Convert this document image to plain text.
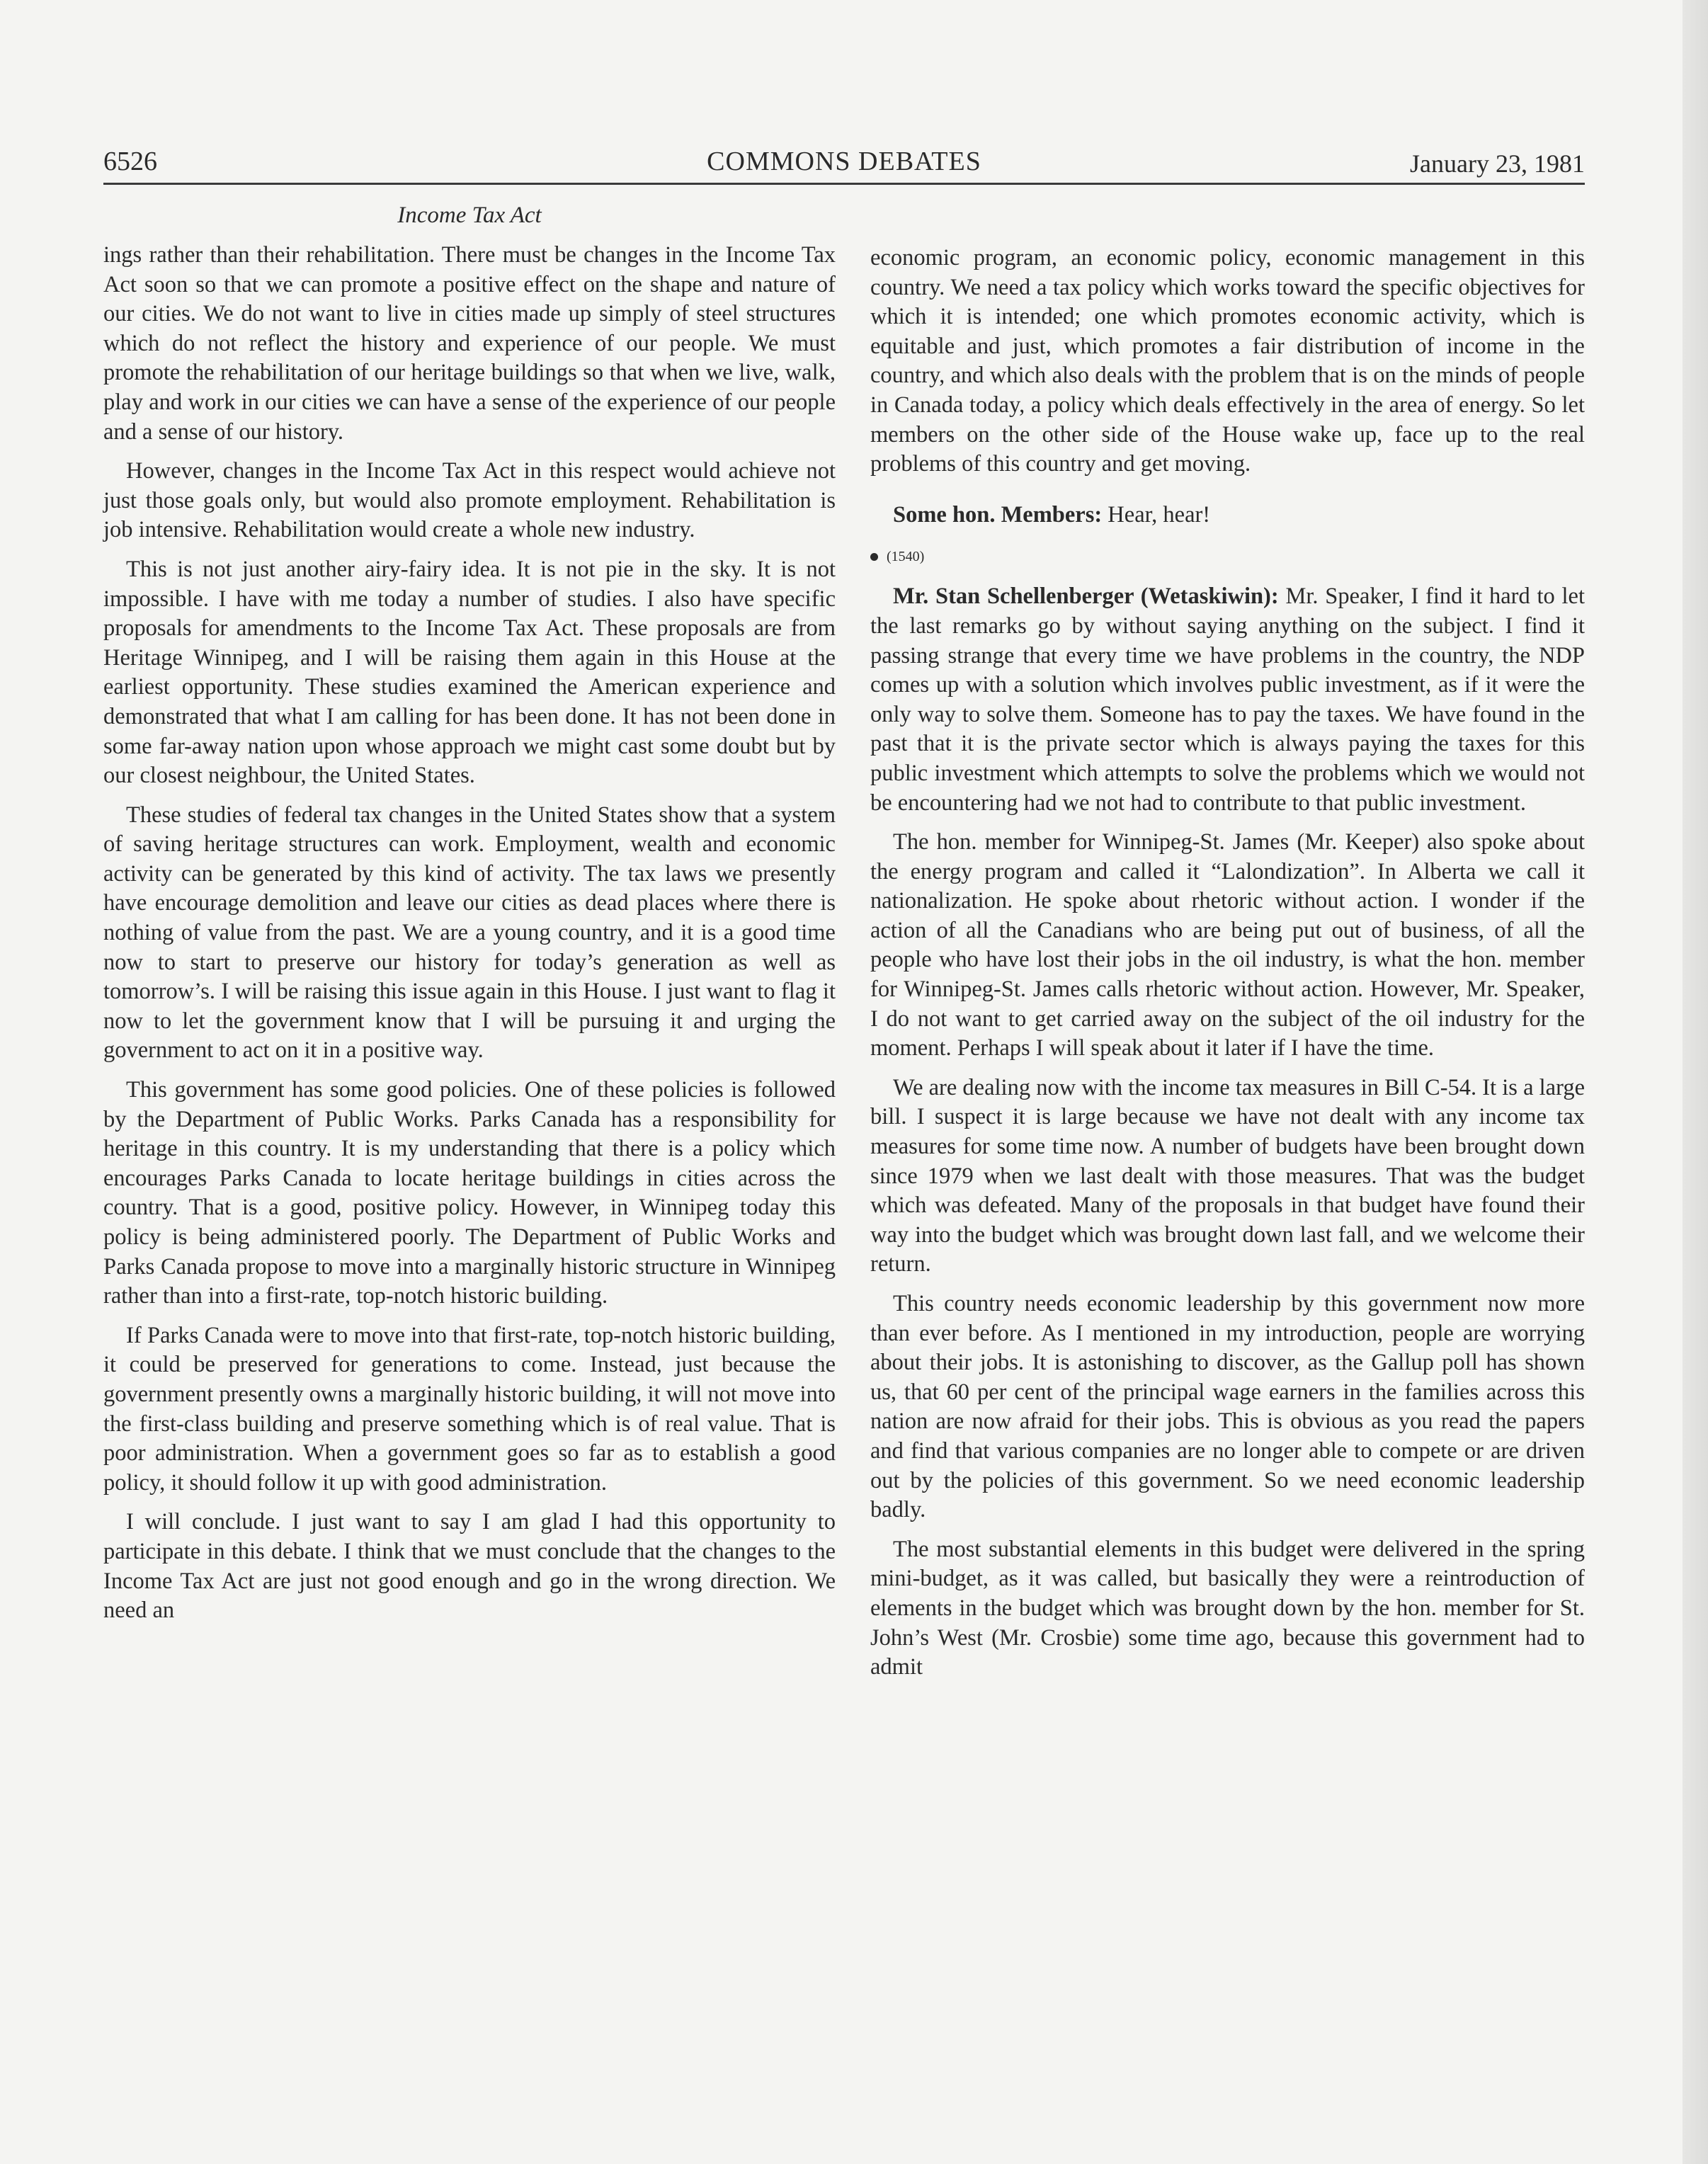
6526	COMMONS DEBATES	January 23, 1981
Income Tax Act

ings rather than their rehabilitation. There must be changes in the Income Tax Act soon so that we can promote a positive effect on the shape and nature of our cities. We do not want to live in cities made up simply of steel structures which do not reflect the history and experience of our people. We must promote the rehabilitation of our heritage buildings so that when we live, walk, play and work in our cities we can have a sense of the experience of our people and a sense of our history.

However, changes in the Income Tax Act in this respect would achieve not just those goals only, but would also promote employment. Rehabilitation is job intensive. Rehabilitation would create a whole new industry.

This is not just another airy-fairy idea. It is not pie in the sky. It is not impossible. I have with me today a number of studies. I also have specific proposals for amendments to the Income Tax Act. These proposals are from Heritage Winnipeg, and I will be raising them again in this House at the earliest opportunity. These studies examined the American experience and demonstrated that what I am calling for has been done. It has not been done in some far-away nation upon whose approach we might cast some doubt but by our closest neighbour, the United States.

These studies of federal tax changes in the United States show that a system of saving heritage structures can work. Employment, wealth and economic activity can be generated by this kind of activity. The tax laws we presently have encourage demolition and leave our cities as dead places where there is nothing of value from the past. We are a young country, and it is a good time now to start to preserve our history for today’s generation as well as tomorrow’s. I will be raising this issue again in this House. I just want to flag it now to let the government know that I will be pursuing it and urging the government to act on it in a positive way.

This government has some good policies. One of these policies is followed by the Department of Public Works. Parks Canada has a responsibility for heritage in this country. It is my understanding that there is a policy which encourages Parks Canada to locate heritage buildings in cities across the country. That is a good, positive policy. However, in Winnipeg today this policy is being administered poorly. The Department of Public Works and Parks Canada propose to move into a marginally historic structure in Winnipeg rather than into a first-rate, top-notch historic building.

If Parks Canada were to move into that first-rate, top-notch historic building, it could be preserved for generations to come. Instead, just because the government presently owns a marginally historic building, it will not move into the first-class building and preserve something which is of real value. That is poor administration. When a government goes so far as to establish a good policy, it should follow it up with good administration.

I will conclude. I just want to say I am glad I had this opportunity to participate in this debate. I think that we must conclude that the changes to the Income Tax Act are just not good enough and go in the wrong direction. We need an

economic program, an economic policy, economic management in this country. We need a tax policy which works toward the specific objectives for which it is intended; one which promotes economic activity, which is equitable and just, which promotes a fair distribution of income in the country, and which also deals with the problem that is on the minds of people in Canada today, a policy which deals effectively in the area of energy. So let members on the other side of the House wake up, face up to the real problems of this country and get moving.

Some hon. Members: Hear, hear!

(1540)

Mr. Stan Schellenberger (Wetaskiwin): Mr. Speaker, I find it hard to let the last remarks go by without saying anything on the subject. I find it passing strange that every time we have problems in the country, the NDP comes up with a solution which involves public investment, as if it were the only way to solve them. Someone has to pay the taxes. We have found in the past that it is the private sector which is always paying the taxes for this public investment which attempts to solve the problems which we would not be encountering had we not had to contribute to that public investment.

The hon. member for Winnipeg-St. James (Mr. Keeper) also spoke about the energy program and called it “Lalondization”. In Alberta we call it nationalization. He spoke about rhetoric without action. I wonder if the action of all the Canadians who are being put out of business, of all the people who have lost their jobs in the oil industry, is what the hon. member for Winnipeg-St. James calls rhetoric without action. However, Mr. Speaker, I do not want to get carried away on the subject of the oil industry for the moment. Perhaps I will speak about it later if I have the time.

We are dealing now with the income tax measures in Bill C-54. It is a large bill. I suspect it is large because we have not dealt with any income tax measures for some time now. A number of budgets have been brought down since 1979 when we last dealt with those measures. That was the budget which was defeated. Many of the proposals in that budget have found their way into the budget which was brought down last fall, and we welcome their return.

This country needs economic leadership by this government now more than ever before. As I mentioned in my introduction, people are worrying about their jobs. It is astonishing to discover, as the Gallup poll has shown us, that 60 per cent of the principal wage earners in the families across this nation are now afraid for their jobs. This is obvious as you read the papers and find that various companies are no longer able to compete or are driven out by the policies of this government. So we need economic leadership badly.

The most substantial elements in this budget were delivered in the spring mini-budget, as it was called, but basically they were a reintroduction of elements in the budget which was brought down by the hon. member for St. John’s West (Mr. Crosbie) some time ago, because this government had to admit
